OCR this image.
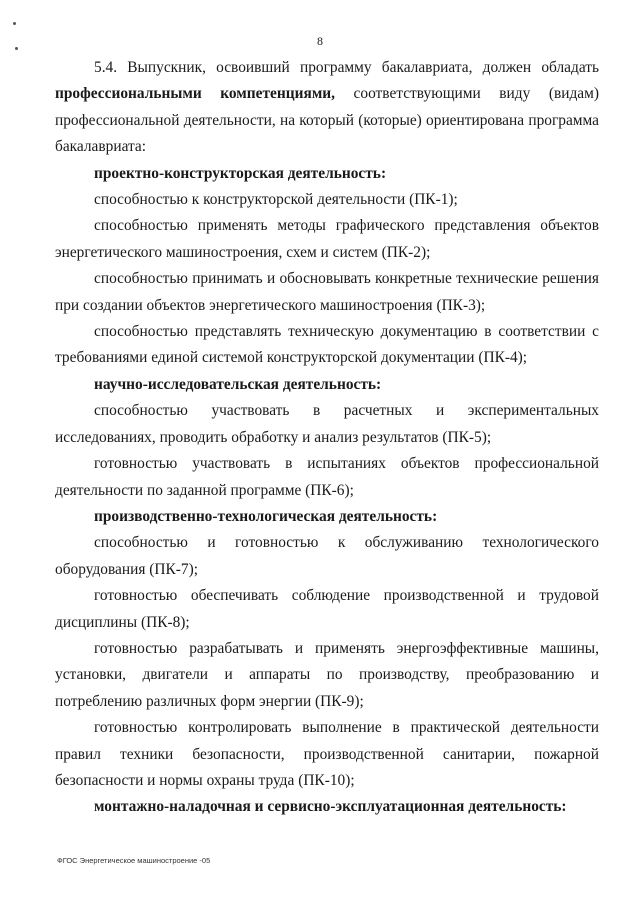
8

5.4. Выпускник, освоивший программу бакалавриата, должен обладать профессиональными компетенциями, соответствующими виду (видам) профессиональной деятельности, на который (которые) ориентирована программа бакалавриата:

проектно-конструкторская деятельность:
способностью к конструкторской деятельности (ПК-1);

способностью применять методы графического представления объектов энергетического машиностроения, схем и систем (ПК-2);

способностью принимать и обосновывать конкретные технические решения при создании объектов энергетического машиностроения (ПК-3);

способностью представлять техническую документацию в соответствии с требованиями единой системой конструкторской документации (ПК-4);

научно-исследовательская деятельность:

способностью участвовать в расчетных и экспериментальных исследованиях, проводить обработку и анализ результатов (ПК-5);

готовностью участвовать в испытаниях объектов профессиональной деятельности по заданной программе (ПК-6);

производственно-технологическая деятельность:

способностью и готовностью к обслуживанию технологического оборудования (ПК-7);

готовностью обеспечивать соблюдение производственной и трудовой дисциплины (ПК-8);

готовностью разрабатывать и применять энергоэффективные машины, установки, двигатели и аппараты по производству, преобразованию и потреблению различных форм энергии (ПК-9);

готовностью контролировать выполнение в практической деятельности правил техники безопасности, производственной санитарии, пожарной безопасности и нормы охраны труда (ПК-10);

монтажно-наладочная и сервисно-эксплуатационная деятельность:
ФГОС Энергетическое машиностроение -05
